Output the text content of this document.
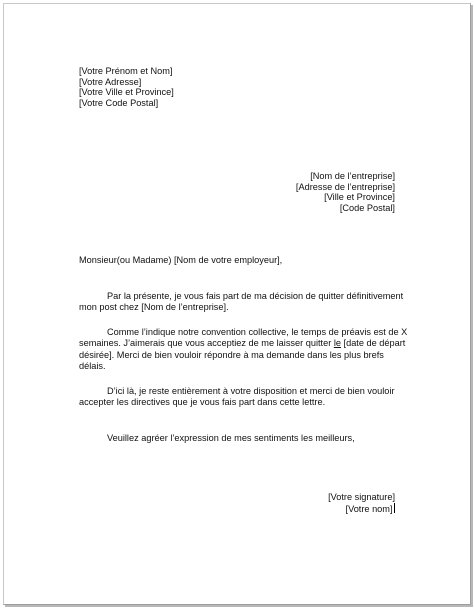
[Votre Prénom et Nom]
[Votre Adresse]
[Votre Ville et Province]
[Votre Code Postal]
[Nom de l’entreprise]
[Adresse de l’entreprise]
[Ville et Province]
[Code Postal]
Monsieur(ou Madame) [Nom de votre employeur],
Par la présente, je vous fais part de ma décision de quitter définitivement
mon post chez [Nom de l’entreprise].
Comme l’indique notre convention collective, le temps de préavis est de X
semaines. J’aimerais que vous acceptiez de me laisser quitter le [date de départ
désirée]. Merci de bien vouloir répondre à ma demande dans les plus brefs
délais.
D’ici là, je reste entièrement à votre disposition et merci de bien vouloir
accepter les directives que je vous fais part dans cette lettre.
Veuillez agréer l’expression de mes sentiments les meilleurs,
[Votre signature]
[Votre nom]
